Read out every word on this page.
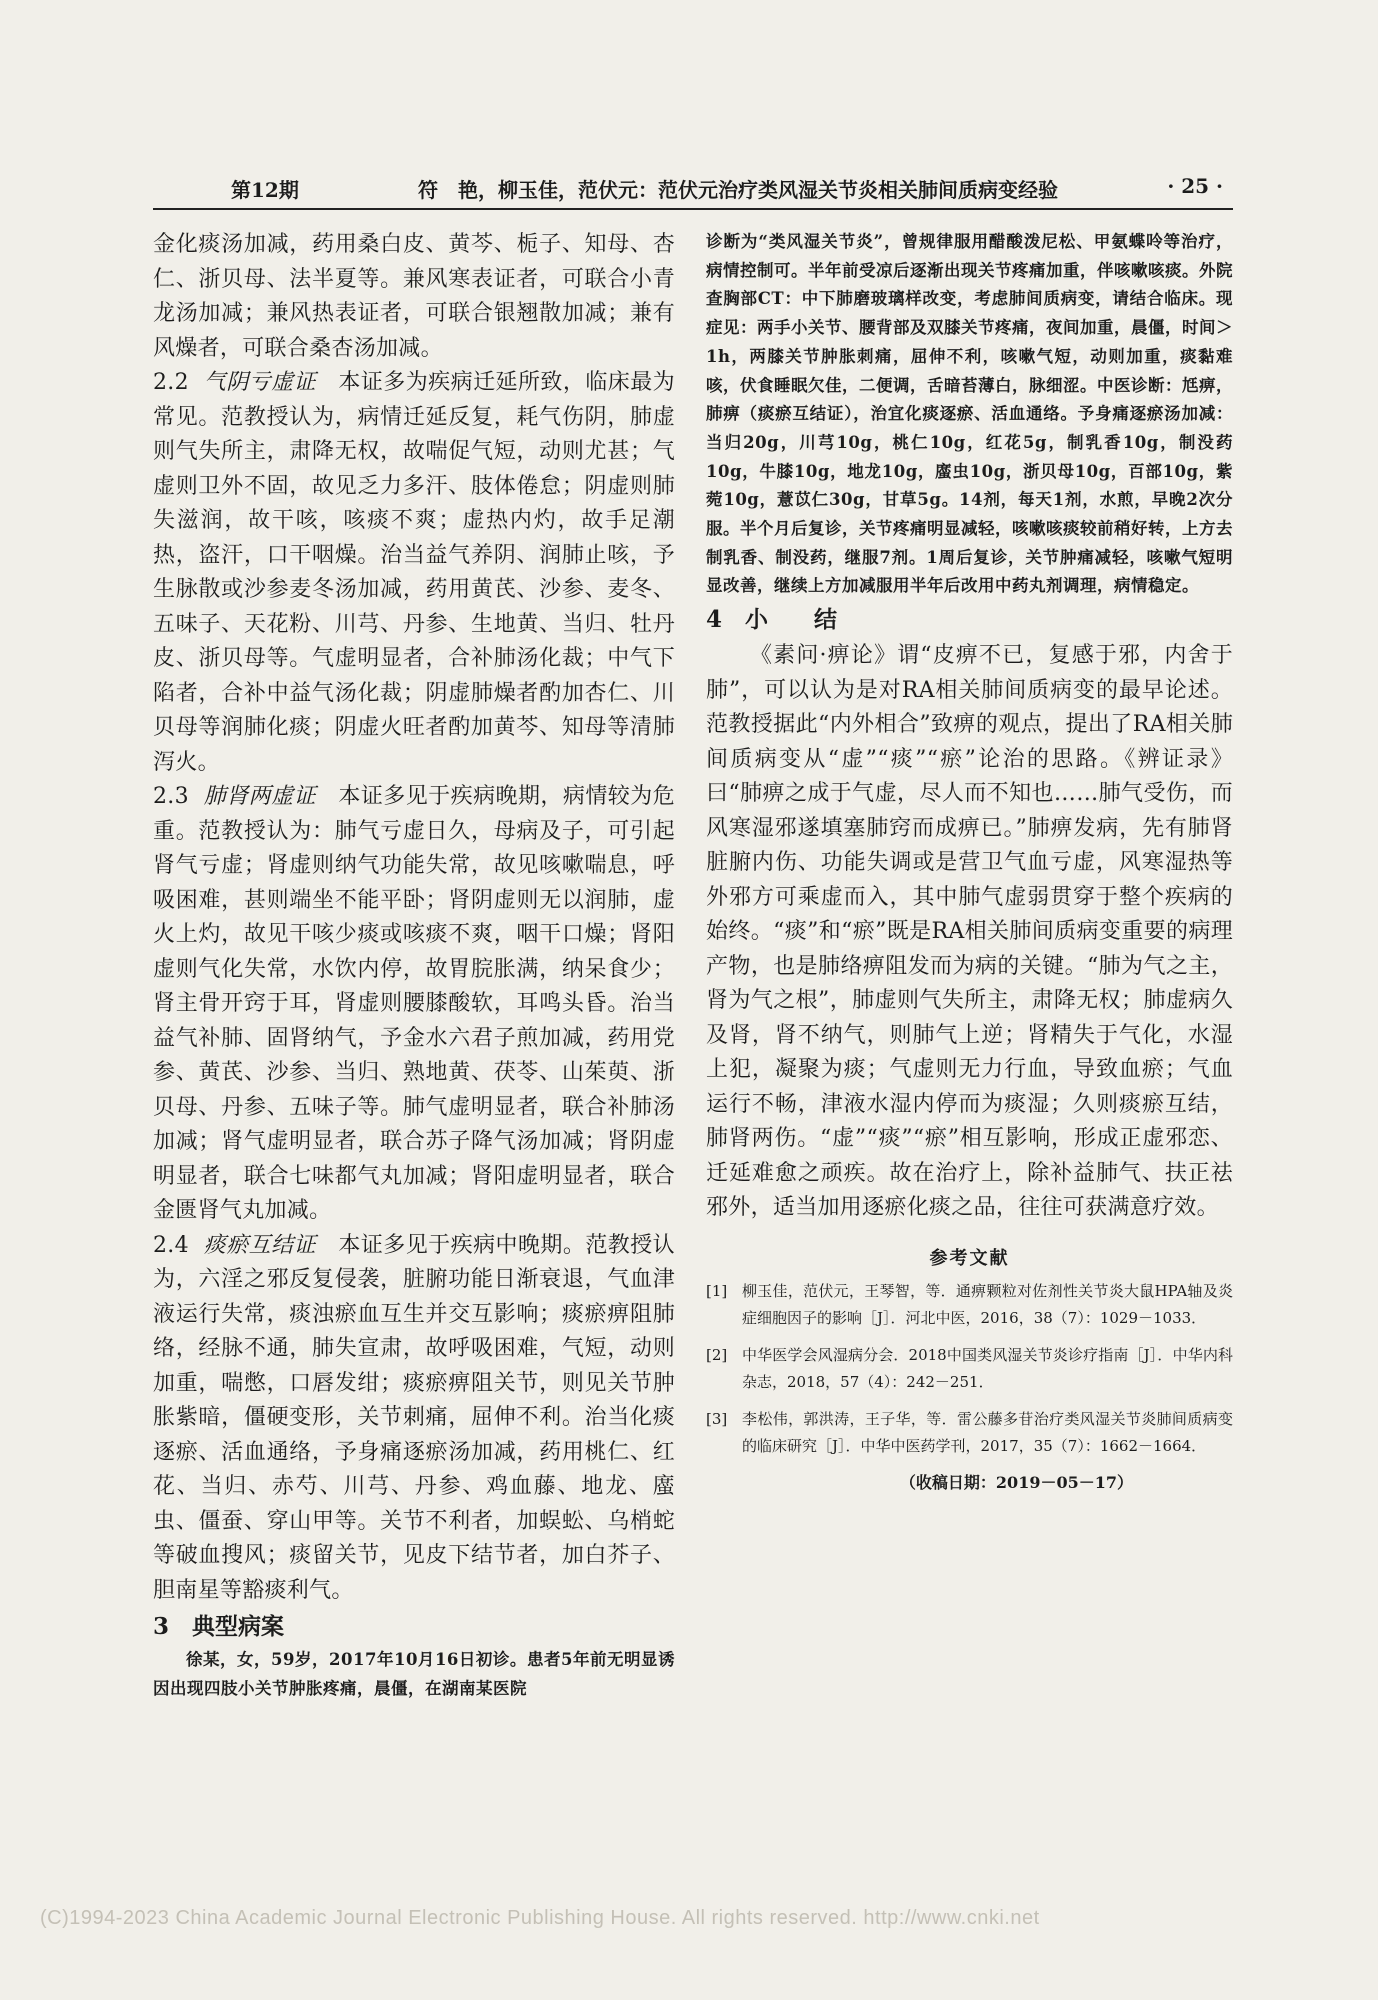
第12期	符　艳，柳玉佳，范伏元：范伏元治疗类风湿关节炎相关肺间质病变经验	· 25 ·

金化痰汤加减，药用桑白皮、黄芩、栀子、知母、杏仁、浙贝母、法半夏等。兼风寒表证者，可联合小青龙汤加减；兼风热表证者，可联合银翘散加减；兼有风燥者，可联合桑杏汤加减。

2.2 气阴亏虚证 本证多为疾病迁延所致，临床最为常见。范教授认为，病情迁延反复，耗气伤阴，肺虚则气失所主，肃降无权，故喘促气短，动则尤甚；气虚则卫外不固，故见乏力多汗、肢体倦怠；阴虚则肺失滋润，故干咳，咳痰不爽；虚热内灼，故手足潮热，盗汗，口干咽燥。治当益气养阴、润肺止咳，予生脉散或沙参麦冬汤加减，药用黄芪、沙参、麦冬、五味子、天花粉、川芎、丹参、生地黄、当归、牡丹皮、浙贝母等。气虚明显者，合补肺汤化裁；中气下陷者，合补中益气汤化裁；阴虚肺燥者酌加杏仁、川贝母等润肺化痰；阴虚火旺者酌加黄芩、知母等清肺泻火。

2.3 肺肾两虚证 本证多见于疾病晚期，病情较为危重。范教授认为：肺气亏虚日久，母病及子，可引起肾气亏虚；肾虚则纳气功能失常，故见咳嗽喘息，呼吸困难，甚则端坐不能平卧；肾阴虚则无以润肺，虚火上灼，故见干咳少痰或咳痰不爽，咽干口燥；肾阳虚则气化失常，水饮内停，故胃脘胀满，纳呆食少；肾主骨开窍于耳，肾虚则腰膝酸软，耳鸣头昏。治当益气补肺、固肾纳气，予金水六君子煎加减，药用党参、黄芪、沙参、当归、熟地黄、茯苓、山茱萸、浙贝母、丹参、五味子等。肺气虚明显者，联合补肺汤加减；肾气虚明显者，联合苏子降气汤加减；肾阴虚明显者，联合七味都气丸加减；肾阳虚明显者，联合金匮肾气丸加减。

2.4 痰瘀互结证 本证多见于疾病中晚期。范教授认为，六淫之邪反复侵袭，脏腑功能日渐衰退，气血津液运行失常，痰浊瘀血互生并交互影响；痰瘀痹阻肺络，经脉不通，肺失宣肃，故呼吸困难，气短，动则加重，喘憋，口唇发绀；痰瘀痹阻关节，则见关节肿胀紫暗，僵硬变形，关节刺痛，屈伸不利。治当化痰逐瘀、活血通络，予身痛逐瘀汤加减，药用桃仁、红花、当归、赤芍、川芎、丹参、鸡血藤、地龙、䗪虫、僵蚕、穿山甲等。关节不利者，加蜈蚣、乌梢蛇等破血搜风；痰留关节，见皮下结节者，加白芥子、胆南星等豁痰利气。

3　典型病案

徐某，女，59岁，2017年10月16日初诊。患者5年前无明显诱因出现四肢小关节肿胀疼痛，晨僵，在湖南某医院

诊断为“类风湿关节炎”，曾规律服用醋酸泼尼松、甲氨蝶呤等治疗，病情控制可。半年前受凉后逐渐出现关节疼痛加重，伴咳嗽咳痰。外院查胸部CT：中下肺磨玻璃样改变，考虑肺间质病变，请结合临床。现症见：两手小关节、腰背部及双膝关节疼痛，夜间加重，晨僵，时间＞1h，两膝关节肿胀刺痛，屈伸不利，咳嗽气短，动则加重，痰黏难咳，伏食睡眠欠佳，二便调，舌暗苔薄白，脉细涩。中医诊断：尪痹，肺痹（痰瘀互结证），治宜化痰逐瘀、活血通络。予身痛逐瘀汤加减：当归20g，川芎10g，桃仁10g，红花5g，制乳香10g，制没药10g，牛膝10g，地龙10g，䗪虫10g，浙贝母10g，百部10g，紫菀10g，薏苡仁30g，甘草5g。14剂，每天1剂，水煎，早晚2次分服。半个月后复诊，关节疼痛明显减轻，咳嗽咳痰较前稍好转，上方去制乳香、制没药，继服7剂。1周后复诊，关节肿痛减轻，咳嗽气短明显改善，继续上方加减服用半年后改用中药丸剂调理，病情稳定。

4　小　　结

《素问·痹论》谓“皮痹不已，复感于邪，内舍于肺”，可以认为是对RA相关肺间质病变的最早论述。范教授据此“内外相合”致痹的观点，提出了RA相关肺间质病变从“虚”“痰”“瘀”论治的思路。《辨证录》曰“肺痹之成于气虚，尽人而不知也……肺气受伤，而风寒湿邪遂填塞肺窍而成痹已。”肺痹发病，先有肺肾脏腑内伤、功能失调或是营卫气血亏虚，风寒湿热等外邪方可乘虚而入，其中肺气虚弱贯穿于整个疾病的始终。“痰”和“瘀”既是RA相关肺间质病变重要的病理产物，也是肺络痹阻发而为病的关键。“肺为气之主，肾为气之根”，肺虚则气失所主，肃降无权；肺虚病久及肾，肾不纳气，则肺气上逆；肾精失于气化，水湿上犯，凝聚为痰；气虚则无力行血，导致血瘀；气血运行不畅，津液水湿内停而为痰湿；久则痰瘀互结，肺肾两伤。“虚”“痰”“瘀”相互影响，形成正虚邪恋、迁延难愈之顽疾。故在治疗上，除补益肺气、扶正祛邪外，适当加用逐瘀化痰之品，往往可获满意疗效。

参考文献

[1] 柳玉佳，范伏元，王琴智，等．通痹颗粒对佐剂性关节炎大鼠HPA轴及炎症细胞因子的影响［J］．河北中医，2016，38（7）：1029－1033．
[2] 中华医学会风湿病分会．2018中国类风湿关节炎诊疗指南［J］．中华内科杂志，2018，57（4）：242－251．
[3] 李松伟，郭洪涛，王子华，等．雷公藤多苷治疗类风湿关节炎肺间质病变的临床研究［J］．中华中医药学刊，2017，35（7）：1662－1664．

（收稿日期：2019－05－17）

(C)1994-2023 China Academic Journal Electronic Publishing House. All rights reserved. http://www.cnki.net
